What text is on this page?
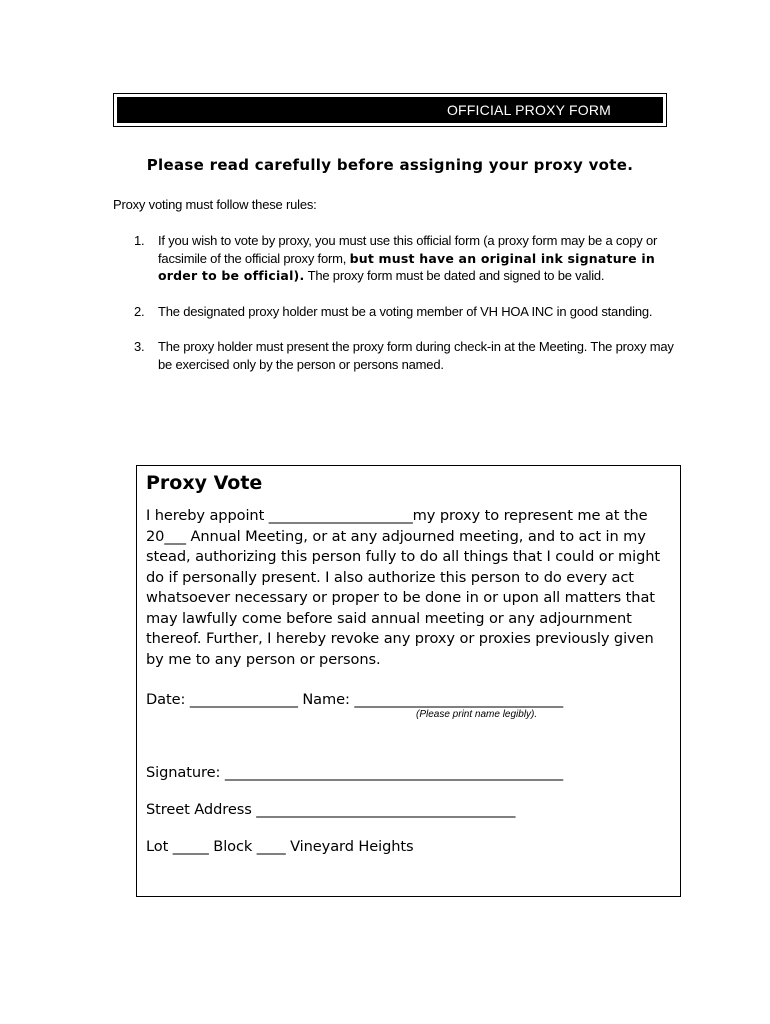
OFFICIAL PROXY FORM
Please read carefully before assigning your proxy vote.
Proxy voting must follow these rules:
1. If you wish to vote by proxy, you must use this official form (a proxy form may be a copy or facsimile of the official proxy form, but must have an original ink signature in order to be official). The proxy form must be dated and signed to be valid.
2. The designated proxy holder must be a voting member of VH HOA INC in good standing.
3. The proxy holder must present the proxy form during check-in at the Meeting. The proxy may be exercised only by the person or persons named.
Proxy Vote

I hereby appoint ____________________my proxy to represent me at the 20___ Annual Meeting, or at any adjourned meeting, and to act in my stead, authorizing this person fully to do all things that I could or might do if personally present. I also authorize this person to do every act whatsoever necessary or proper to be done in or upon all matters that may lawfully come before said annual meeting or any adjournment thereof. Further, I hereby revoke any proxy or proxies previously given by me to any person or persons.

Date: _______________ Name: _____________________________
(Please print name legibly).
Signature: _______________________________________________
Street Address ____________________________________
Lot _____ Block ____ Vineyard Heights
